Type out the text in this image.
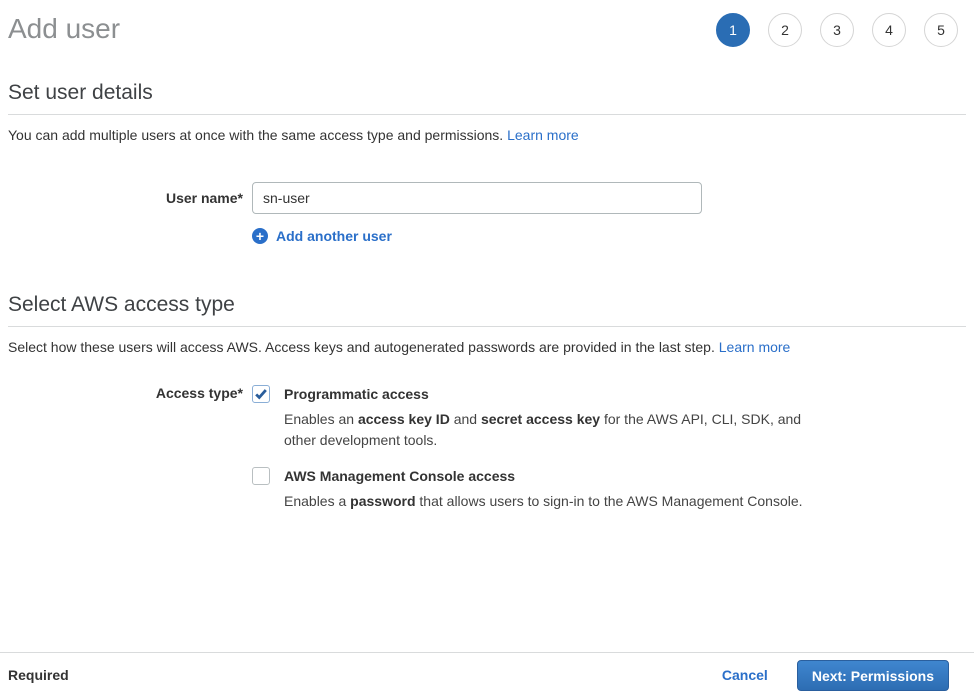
Add user	1	2	3	4	5
Set user details

You can add multiple users at once with the same access type and permissions. Learn more

User name*
sn-user
+ Add another user
Select AWS access type

Select how these users will access AWS. Access keys and autogenerated passwords are provided in the last step. Learn more

Access type*	Programmatic access
Enables an access key ID and secret access key for the AWS API, CLI, SDK, and other development tools.
AWS Management Console access
Enables a password that allows users to sign-in to the AWS Management Console.
Required	Cancel	Next: Permissions
